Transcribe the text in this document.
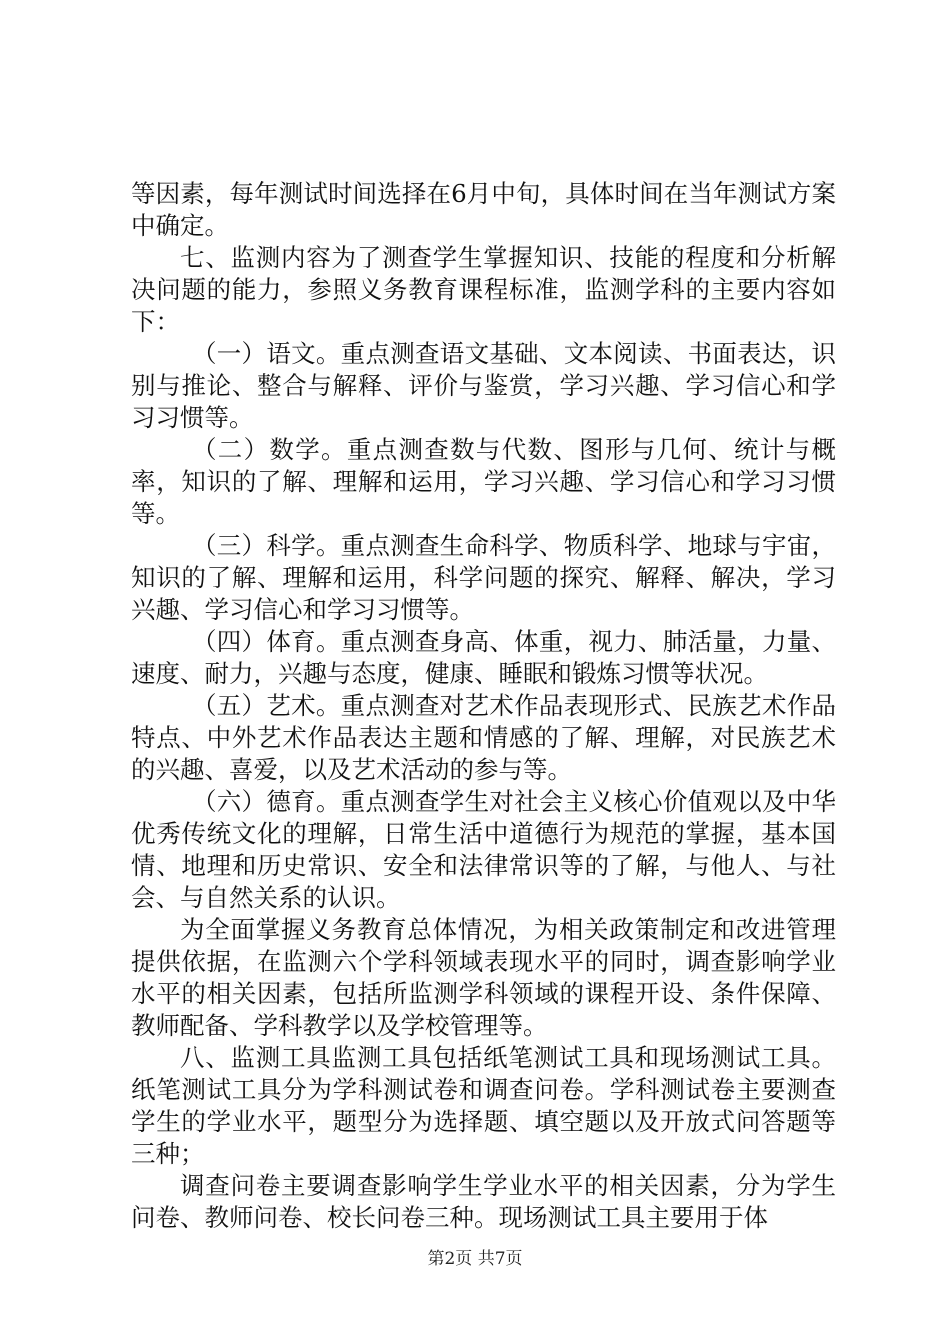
等因素，每年测试时间选择在6月中旬，具体时间在当年测试方案中确定。

七、监测内容为了测查学生掌握知识、技能的程度和分析解决问题的能力，参照义务教育课程标准，监测学科的主要内容如下：

（一）语文。重点测查语文基础、文本阅读、书面表达，识别与推论、整合与解释、评价与鉴赏，学习兴趣、学习信心和学习习惯等。

（二）数学。重点测查数与代数、图形与几何、统计与概率，知识的了解、理解和运用，学习兴趣、学习信心和学习习惯等。

（三）科学。重点测查生命科学、物质科学、地球与宇宙，知识的了解、理解和运用，科学问题的探究、解释、解决，学习兴趣、学习信心和学习习惯等。

（四）体育。重点测查身高、体重，视力、肺活量，力量、速度、耐力，兴趣与态度，健康、睡眠和锻炼习惯等状况。

（五）艺术。重点测查对艺术作品表现形式、民族艺术作品特点、中外艺术作品表达主题和情感的了解、理解，对民族艺术的兴趣、喜爱，以及艺术活动的参与等。

（六）德育。重点测查学生对社会主义核心价值观以及中华优秀传统文化的理解，日常生活中道德行为规范的掌握，基本国情、地理和历史常识、安全和法律常识等的了解，与他人、与社会、与自然关系的认识。

为全面掌握义务教育总体情况，为相关政策制定和改进管理提供依据，在监测六个学科领域表现水平的同时，调查影响学业水平的相关因素，包括所监测学科领域的课程开设、条件保障、教师配备、学科教学以及学校管理等。

八、监测工具监测工具包括纸笔测试工具和现场测试工具。纸笔测试工具分为学科测试卷和调查问卷。学科测试卷主要测查学生的学业水平，题型分为选择题、填空题以及开放式问答题等三种；

调查问卷主要调查影响学生学业水平的相关因素，分为学生问卷、教师问卷、校长问卷三种。现场测试工具主要用于体

第2页 共7页
